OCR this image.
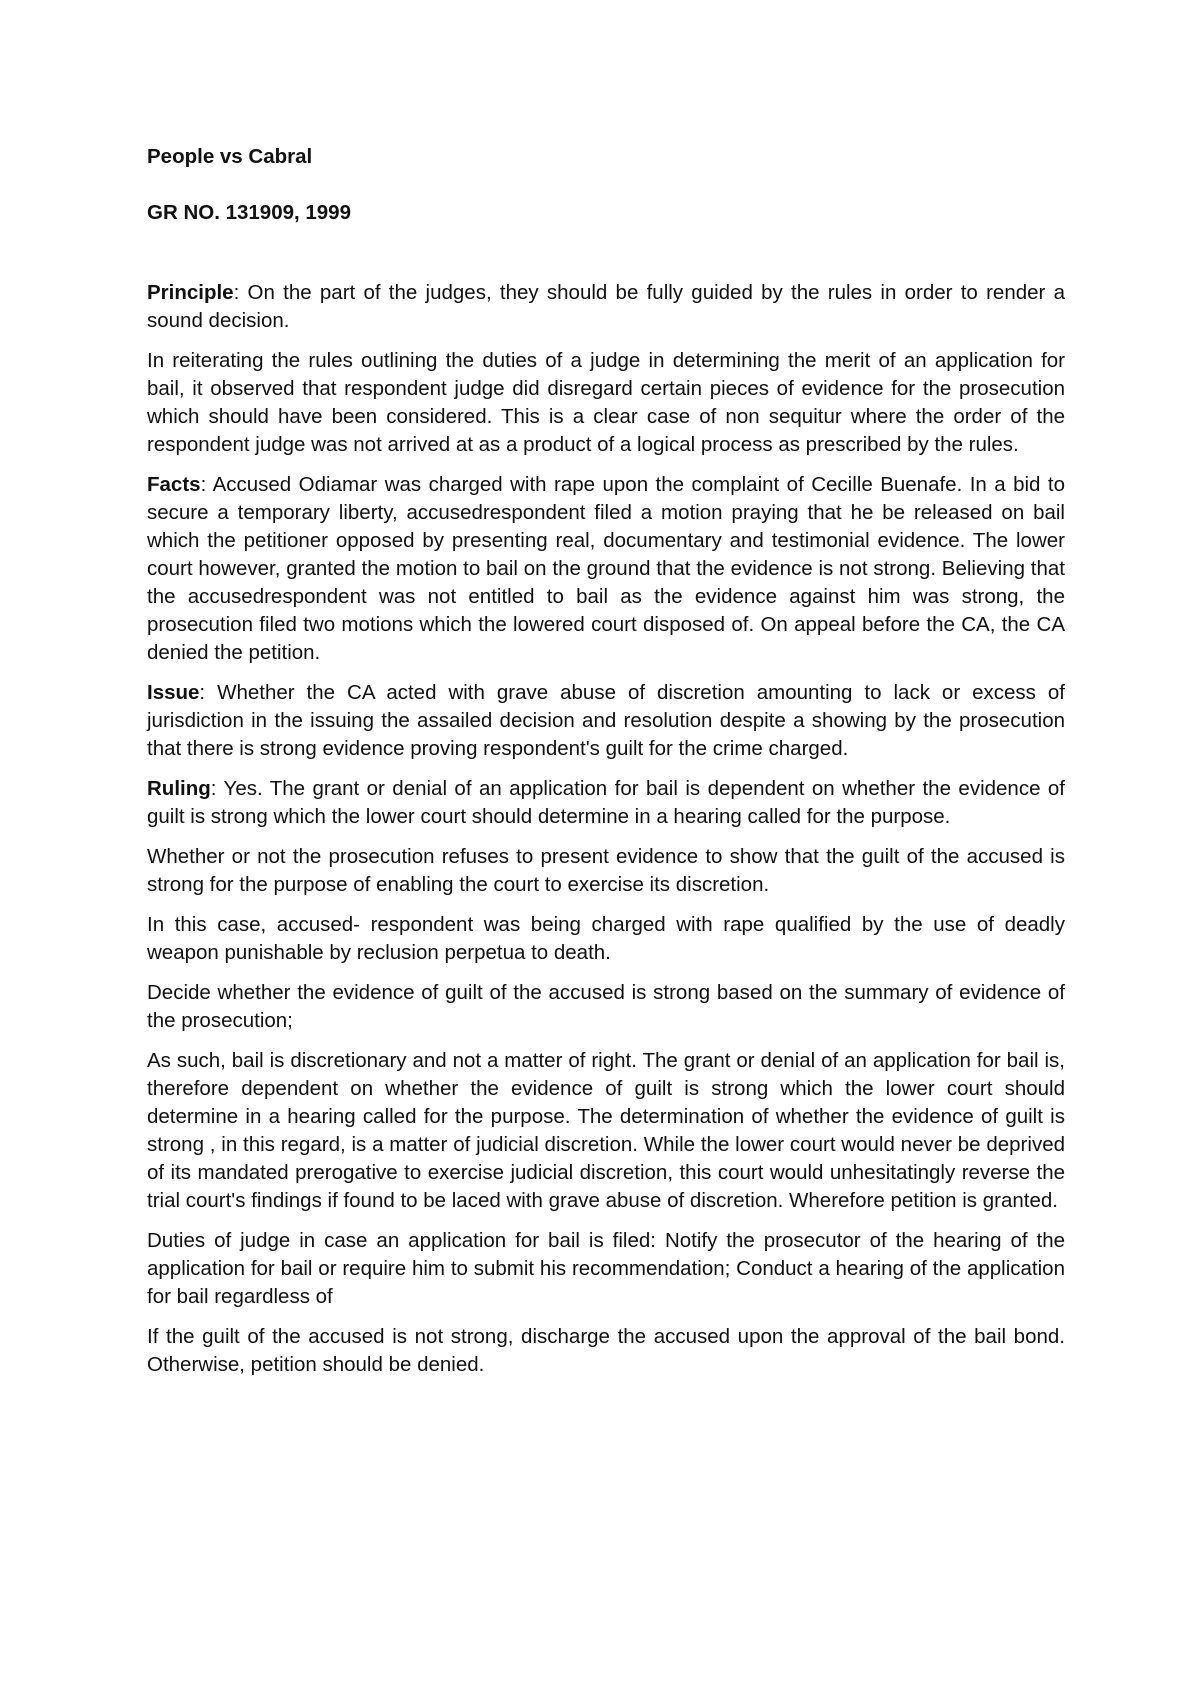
People vs Cabral

GR NO. 131909, 1999

Principle: On the part of the judges, they should be fully guided by the rules in order to render a sound decision.

In reiterating the rules outlining the duties of a judge in determining the merit of an application for bail, it observed that respondent judge did disregard certain pieces of evidence for the prosecution which should have been considered. This is a clear case of non sequitur where the order of the respondent judge was not arrived at as a product of a logical process as prescribed by the rules.

Facts: Accused Odiamar was charged with rape upon the complaint of Cecille Buenafe. In a bid to secure a temporary liberty, accusedrespondent filed a motion praying that he be released on bail which the petitioner opposed by presenting real, documentary and testimonial evidence. The lower court however, granted the motion to bail on the ground that the evidence is not strong. Believing that the accusedrespondent was not entitled to bail as the evidence against him was strong, the prosecution filed two motions which the lowered court disposed of. On appeal before the CA, the CA denied the petition.

Issue: Whether the CA acted with grave abuse of discretion amounting to lack or excess of jurisdiction in the issuing the assailed decision and resolution despite a showing by the prosecution that there is strong evidence proving respondent's guilt for the crime charged.

Ruling: Yes. The grant or denial of an application for bail is dependent on whether the evidence of guilt is strong which the lower court should determine in a hearing called for the purpose.

Whether or not the prosecution refuses to present evidence to show that the guilt of the accused is strong for the purpose of enabling the court to exercise its discretion.

In this case, accused- respondent was being charged with rape qualified by the use of deadly weapon punishable by reclusion perpetua to death.

Decide whether the evidence of guilt of the accused is strong based on the summary of evidence of the prosecution;

As such, bail is discretionary and not a matter of right. The grant or denial of an application for bail is, therefore dependent on whether the evidence of guilt is strong which the lower court should determine in a hearing called for the purpose. The determination of whether the evidence of guilt is strong , in this regard, is a matter of judicial discretion. While the lower court would never be deprived of its mandated prerogative to exercise judicial discretion, this court would unhesitatingly reverse the trial court's findings if found to be laced with grave abuse of discretion. Wherefore petition is granted.

Duties of judge in case an application for bail is filed: Notify the prosecutor of the hearing of the application for bail or require him to submit his recommendation; Conduct a hearing of the application for bail regardless of

If the guilt of the accused is not strong, discharge the accused upon the approval of the bail bond. Otherwise, petition should be denied.
